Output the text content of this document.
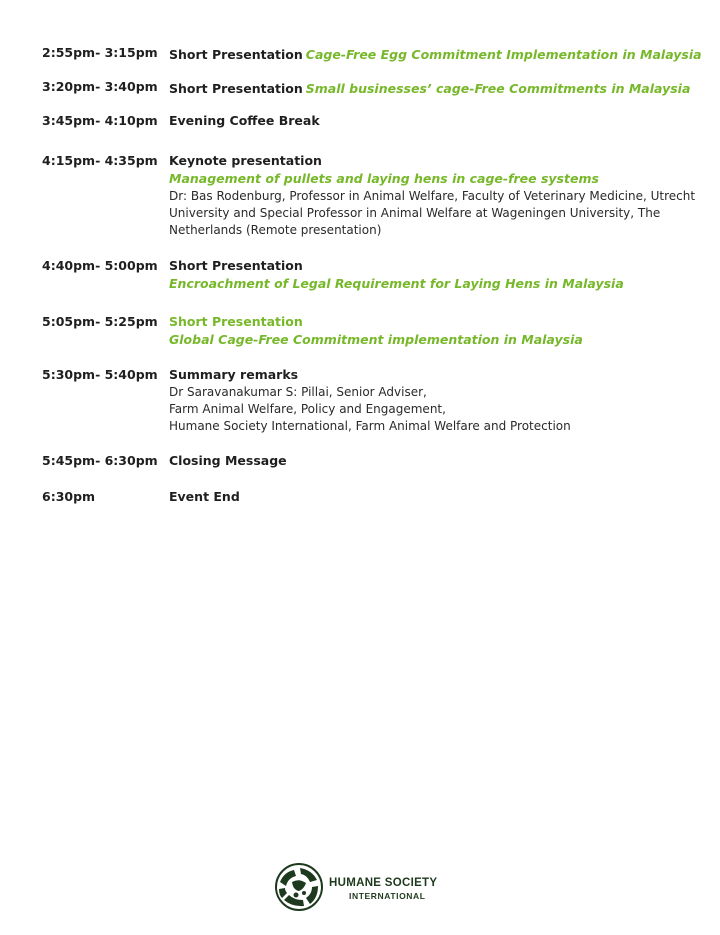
2:55pm- 3:15pm Short Presentation Cage-Free Egg Commitment Implementation in Malaysia
3:20pm- 3:40pm Short Presentation Small businesses’ cage-Free Commitments in Malaysia
3:45pm- 4:10pm Evening Coffee Break
4:15pm- 4:35pm Keynote presentation
Management of pullets and laying hens in cage-free systems
Dr: Bas Rodenburg, Professor in Animal Welfare, Faculty of Veterinary Medicine, Utrecht
University and Special Professor in Animal Welfare at Wageningen University, The
Netherlands (Remote presentation)
4:40pm- 5:00pm Short Presentation
Encroachment of Legal Requirement for Laying Hens in Malaysia
5:05pm- 5:25pm Short Presentation
Global Cage-Free Commitment implementation in Malaysia
5:30pm- 5:40pm Summary remarks
Dr Saravanakumar S: Pillai, Senior Adviser,
Farm Animal Welfare, Policy and Engagement,
Humane Society International, Farm Animal Welfare and Protection
5:45pm- 6:30pm Closing Message
6:30pm	Event End
HUMANE SOCIETY
INTERNATIONAL
